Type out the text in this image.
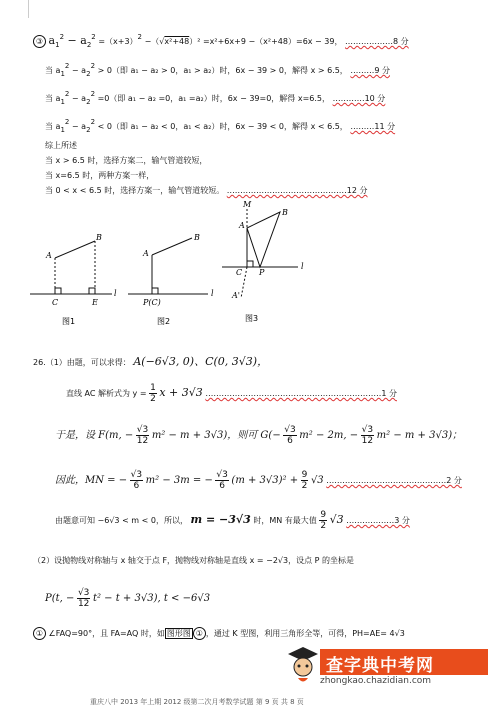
③ a12 − a22 =（x+3）2 −（√x²+48）² =x²+6x+9 −（x²+48）=6x − 39， ………………8 分
当 a12 − a22 > 0（即 a₁ − a₂ > 0，a₁ > a₂）时，6x − 39 > 0，解得 x > 6.5， ………9 分
当 a12 − a22 =0（即 a₁ − a₂ =0，a₁ =a₂）时，6x − 39=0，解得 x=6.5， …………10 分
当 a12 − a22 < 0（即 a₁ − a₂ < 0，a₁ < a₂）时，6x − 39 < 0，解得 x < 6.5， ………11 分
综上所述
当 x > 6.5 时，选择方案二，输气管道较短，
当 x=6.5 时，两种方案一样，
当 0 < x < 6.5 时，选择方案一，输气管道较短。 ………………………………………12 分
A
B
C	E
l
图1
A
B
P(C)
l
图2
M
A
B
C P
A'
l
图3
26.（1）由题，可以求得： A(−6√3, 0)、C(0, 3√3)，
直线 AC 解析式为 $y = \frac{1}{2}$ x + 3√3 …………………………………………………………1 分
于是，设 F(m, − $\frac{√3}{12} m^2 - m + 3√3$)，则可 $G(- \frac{√3}{6} m^2 - 2m$, − $\frac{√3}{12} m^2 - m + 3√3$)；
因此，MN = − $\frac{√3}{6} m^2 - 3m$ = − $\frac{√3}{6} (m + 3√3)^2 + \frac{9}{2} √3$ ………………………………………2 分
由题意可知 −6√3 < m < 0，所以， m = −3√3 时，MN 有最大值 $\frac{9}{2} √3$ ………………3 分
（2）设抛物线对称轴与 x 轴交于点 F，抛物线对称轴是直线 x = −2√3，设点 P 的坐标是
P(t, − $\frac{√3}{12} t^2 - t + 3√3$), t < −6√3
① ∠FAQ=90°，且 FA=AQ 时，如 图形图 ① ，通过 K 型图，利用三角形全等，可得，PH=AE= 4√3
查字典中考网
zhongkao.chazidian.com
重庆八中 2013 年上期 2012 级第二次月考数学试题 第 9 页 共 8 页
